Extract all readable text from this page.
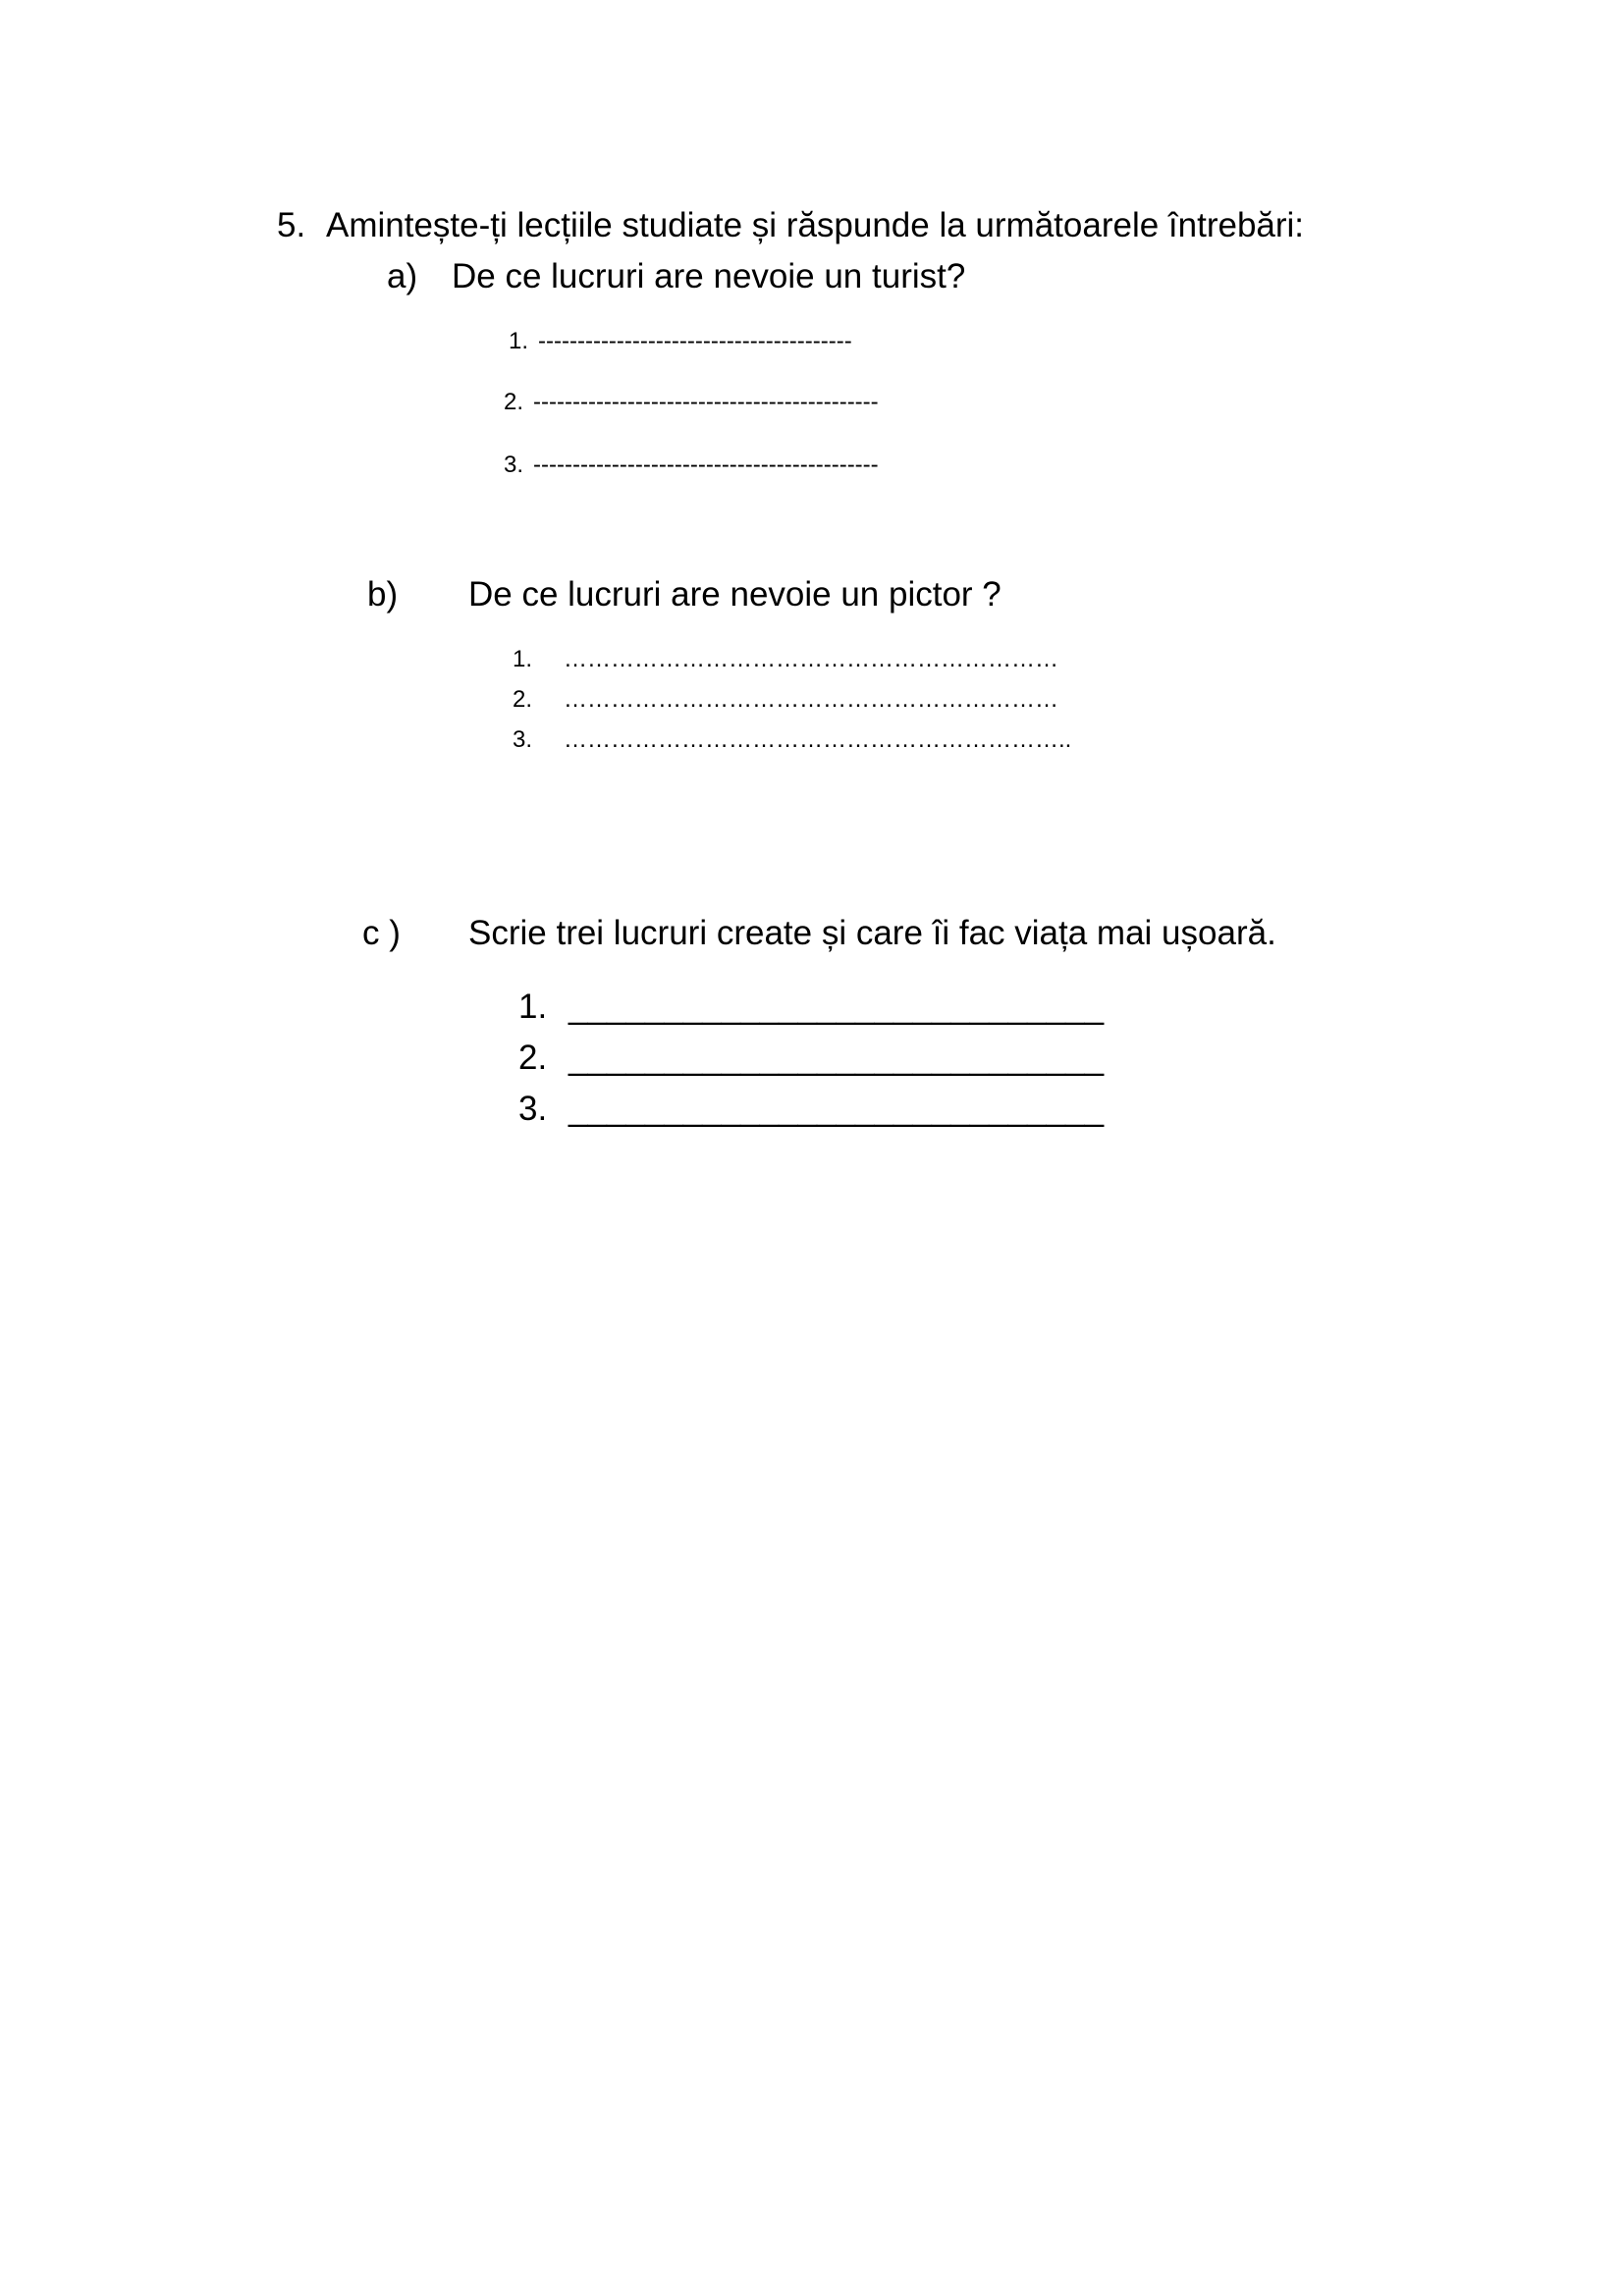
5. Amintește-ți lecțiile studiate și răspunde la următoarele întrebări:
a) De ce lucruri are nevoie un turist?
1. ----------------------------------------
2. --------------------------------------------
3. --------------------------------------------
b) De ce lucruri are nevoie un pictor ?
1. ………………………………………………………
2. ………………………………………………………
3. ………………………………………………………..
c ) Scrie trei lucruri create și care îi fac viața mai ușoară.
1. ____________________________
2. ____________________________
3. ____________________________
